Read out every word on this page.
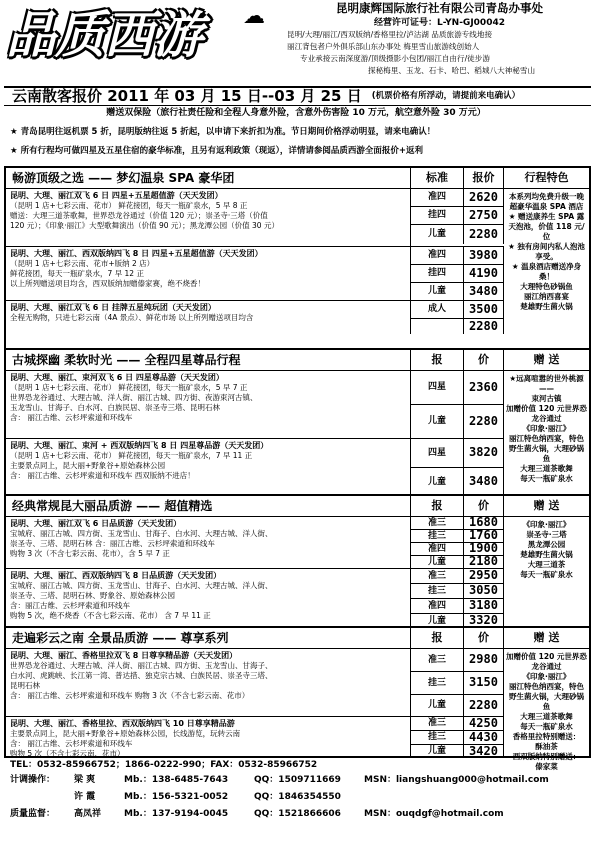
品质西游 ☁	昆明康辉国际旅行社有限公司青岛办事处
经营许可证号：L-YN-GJ00042
昆明/大理/丽江/西双版纳/香格里拉/泸沽湖 品质旅游专线地接
丽江背包者户外俱乐部山东办事处 梅里雪山旅游线创始人
专业承接云南深度游/顶级摄影小包团/丽江自由行/徒步游
探秘梅里、玉龙、石卡、哈巴、稻城八大神秘雪山
云南散客报价 2011 年 03 月 15 日--03 月 25 日 (机票价格有所浮动，请提前来电确认）
赠送双保险（旅行社责任险和全程人身意外险，含意外伤害险 10 万元，航空意外险 30 万元）
★ 青岛昆明往返机票 5 折，昆明版纳往返 5 折起，以申请下来折扣为准。节日期间价格浮动明显，请来电确认！
★ 所有行程均可做四星及五星住宿的豪华标准，且另有返利政策（现返），详情请参阅品质西游全面报价+返利
畅游顶级之选 —— 梦幻温泉 SPA 豪华团	标准	报价	行程特色
昆明、大理、丽江双飞 6 日 四星+五星超值游（天天发团）
（昆明 1 店+七彩云南、花市） 鲜花接团，每天一瓶矿泉水，5 早 8 正
赠送：大理三道茶歌舞，世界恐龙谷通过（价值 120 元）；崇圣寺·三塔（价值
120 元）；《印象·丽江》大型歌舞演出（价值 90 元）；黑龙潭公园（价值 30 元）
准四	2620
挂四	2750
儿童	2280
昆明、大理、丽江、西双版纳四飞 8 日 四星+五星超值游（天天发团）
（昆明 1 店+七彩云南、花市+版纳 2 店）
鲜花接团，每天一瓶矿泉水，7 早 12 正
以上所列赠送项目均含，西双版纳加赠傣家赛，绝不烧香！
准四	3980
挂四	4190
儿童	3480
昆明、大理、丽江双飞 6 日 挂牌五星纯玩团（天天发团）
全程无购物，只进七彩云南（4A 景点）、鲜花市场 以上所列赠送项目均含
成人	3500
2280
本系列均免费升级一晚超豪华温泉 SPA 酒店
★ 赠送康养生 SPA 露天泡池，价值 118 元/位
★ 独有房间内私人泡池享受。
★ 温泉酒店赠送净身桑！
大理特色砂锅鱼
丽江纳西喜宴
楚雄野生菌火锅
古城探幽 柔软时光 —— 全程四星尊品行程	报	价	赠 送
昆明、大理、丽江、束河双飞 6 日 四星尊品游（天天发团）
（昆明 1 店+七彩云南、花市） 鲜花接团，每天一瓶矿泉水，5 早 7 正
世界恐龙谷通过、大理古城、洋人街、丽江古城、四方街、夜游束河古镇、
玉龙雪山、甘海子、白水河、白族民居、崇圣寺三塔、昆明石林
含： 丽江古维、云杉坪索道和环线车
四星	2360
儿童	2280
昆明、大理、丽江、束河 + 西双版纳四飞 8 日 四星尊品游（天天发团）
（昆明 1 店+七彩云南、花市） 鲜花接团，每天一瓶矿泉水，7 早 11 正
主要景点同上，昆大丽+野象谷+原始森林公园
含： 丽江古维、云杉坪索道和环线车 西双版纳不进店！
四星	3820
儿童	3480
★远离喧嚣的世外桃源——
束河古镇
加赠价值 120 元世界恐龙谷通过
《印象·丽江》
丽江特色纳西宴，特色野生菌火锅，大理砂锅鱼
大理三道茶歌舞
每天一瓶矿泉水
经典常规昆大丽品质游 —— 超值精选	报	价	赠 送
昆明、大理、丽江双飞 6 日品质游（天天发团）
宝城府、丽江古城、四方街、玉龙雪山、甘海子、白水河、大理古城、洋人街、
崇圣寺、三塔、昆明石林 含：丽江古维、云杉坪索道和环线车
购物 3 次（不含七彩云南、花市），含 5 早 7 正
准三	1680
挂三	1760
准四	1900
儿童	2180
昆明、大理、丽江、西双版纳四飞 8 日品质游（天天发团）
宝城府、丽江古城、四方街、玉龙雪山、甘海子、白水河、大理古城、洋人街、
崇圣寺、三塔、昆明石林、野象谷、原始森林公园
含：丽江古维、云杉坪索道和环线车
购物 5 次，绝不烧香（不含七彩云南、花市） 含 7 早 11 正
准三	2950
挂三	3050
准四	3180
儿童	3320
《印象·丽江》
崇圣寺·三塔
黑龙潭公园
楚雄野生菌火锅
大理三道茶
每天一瓶矿泉水
走遍彩云之南 全景品质游 —— 尊享系列	报	价	赠 送
昆明、大理、丽江、香格里拉双飞 8 日尊享精品游（天天发团）
世界恐龙谷通过、大理古城、洋人街、丽江古城、四方街、玉龙雪山、甘海子、
白水河、虎跳峡、长江第一湾、普达措、独克宗古城、白族民居、崇圣寺三塔、
昆明石林
含： 丽江古维、云杉坪索道和环线车 购物 3 次（不含七彩云南、花市）
准三	2980
挂三	3150
儿童	2280
昆明、大理、丽江、香格里拉、西双版纳四飞 10 日尊享精品游
主要景点同上，昆大丽+野象谷+原始森林公园，长线游览，玩转云南
含： 丽江古维、云杉坪索道和环线车
购物 5 次（不含七彩云南、花市）
准三	4250
挂三	4430
儿童	3420
加赠价值 120 元世界恐龙谷通过
《印象·丽江》
丽江特色纳西宴，特色野生菌火锅，大理砂锅鱼
大理三道茶歌舞
每天一瓶矿泉水
香格里拉特别赠送：
酥油茶
西双版纳特别赠送：
傣家菜
TEL：0532-85966752；1866-0222-990；FAX：0532-85966752
计调操作： 梁 爽	Mb.：138-6485-7643	QQ：1509711669	MSN：liangshuang000@hotmail.com
许 霞	Mb.：156-5321-0052	QQ：1846354550
质量监督： 高凤祥	Mb.：137-9194-0045	QQ：1521866606	MSN：ouqdgf@hotmail.com
